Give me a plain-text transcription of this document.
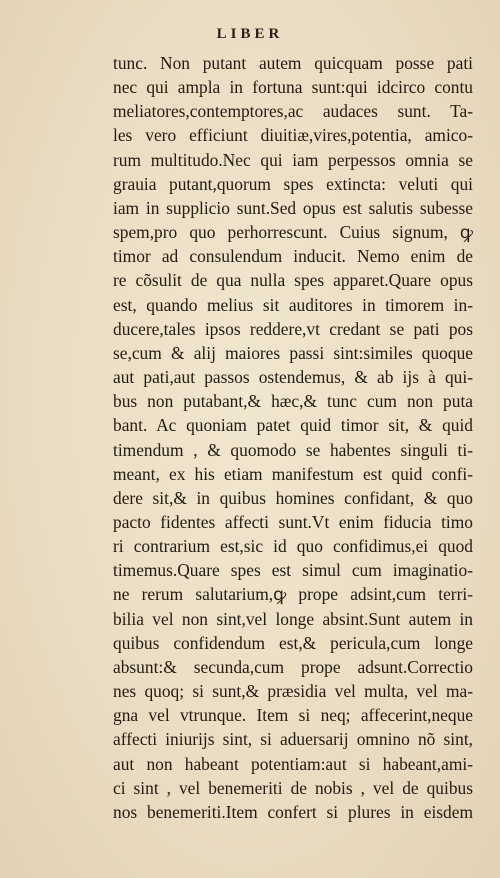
LIBER
tunc. Non putant autem quicquam posse pati
nec qui ampla in fortuna sunt:qui idcirco contu
meliatores,contemptores,ac audaces sunt. Ta-
les vero efficiunt diuitiæ,vires,potentia, amico-
rum multitudo.Nec qui iam perpessos omnia se
grauia putant,quorum spes extincta: veluti qui
iam in supplicio sunt.Sed opus est salutis subesse
spem,pro quo perhorrescunt. Cuius signum, ꝙ
timor ad consulendum inducit. Nemo enim de
re cõsulit de qua nulla spes apparet.Quare opus
est, quando melius sit auditores in timorem in-
ducere,tales ipsos reddere,vt credant se pati pos
se,cum & alij maiores passi sint:similes quoque
aut pati,aut passos ostendemus, & ab ijs à qui-
bus non putabant,& hæc,& tunc cum non puta
bant. Ac quoniam patet quid timor sit, & quid
timendum , & quomodo se habentes singuli ti-
meant, ex his etiam manifestum est quid confi-
dere sit,& in quibus homines confidant, & quo
pacto fidentes affecti sunt.Vt enim fiducia timo
ri contrarium est,sic id quo confidimus,ei quod
timemus.Quare spes est simul cum imaginatio-
ne rerum salutarium,ꝙ prope adsint,cum terri-
bilia vel non sint,vel longe absint.Sunt autem in
quibus confidendum est,& pericula,cum longe
absunt:& secunda,cum prope adsunt.Correctio
nes quoq; si sunt,& præsidia vel multa, vel ma-
gna vel vtrunque. Item si neq; affecerint,neque
affecti iniurijs sint, si aduersarij omnino nõ sint,
aut non habeant potentiam:aut si habeant,ami-
ci sint , vel benemeriti de nobis , vel de quibus
nos benemeriti.Item confert si plures in eisdem
